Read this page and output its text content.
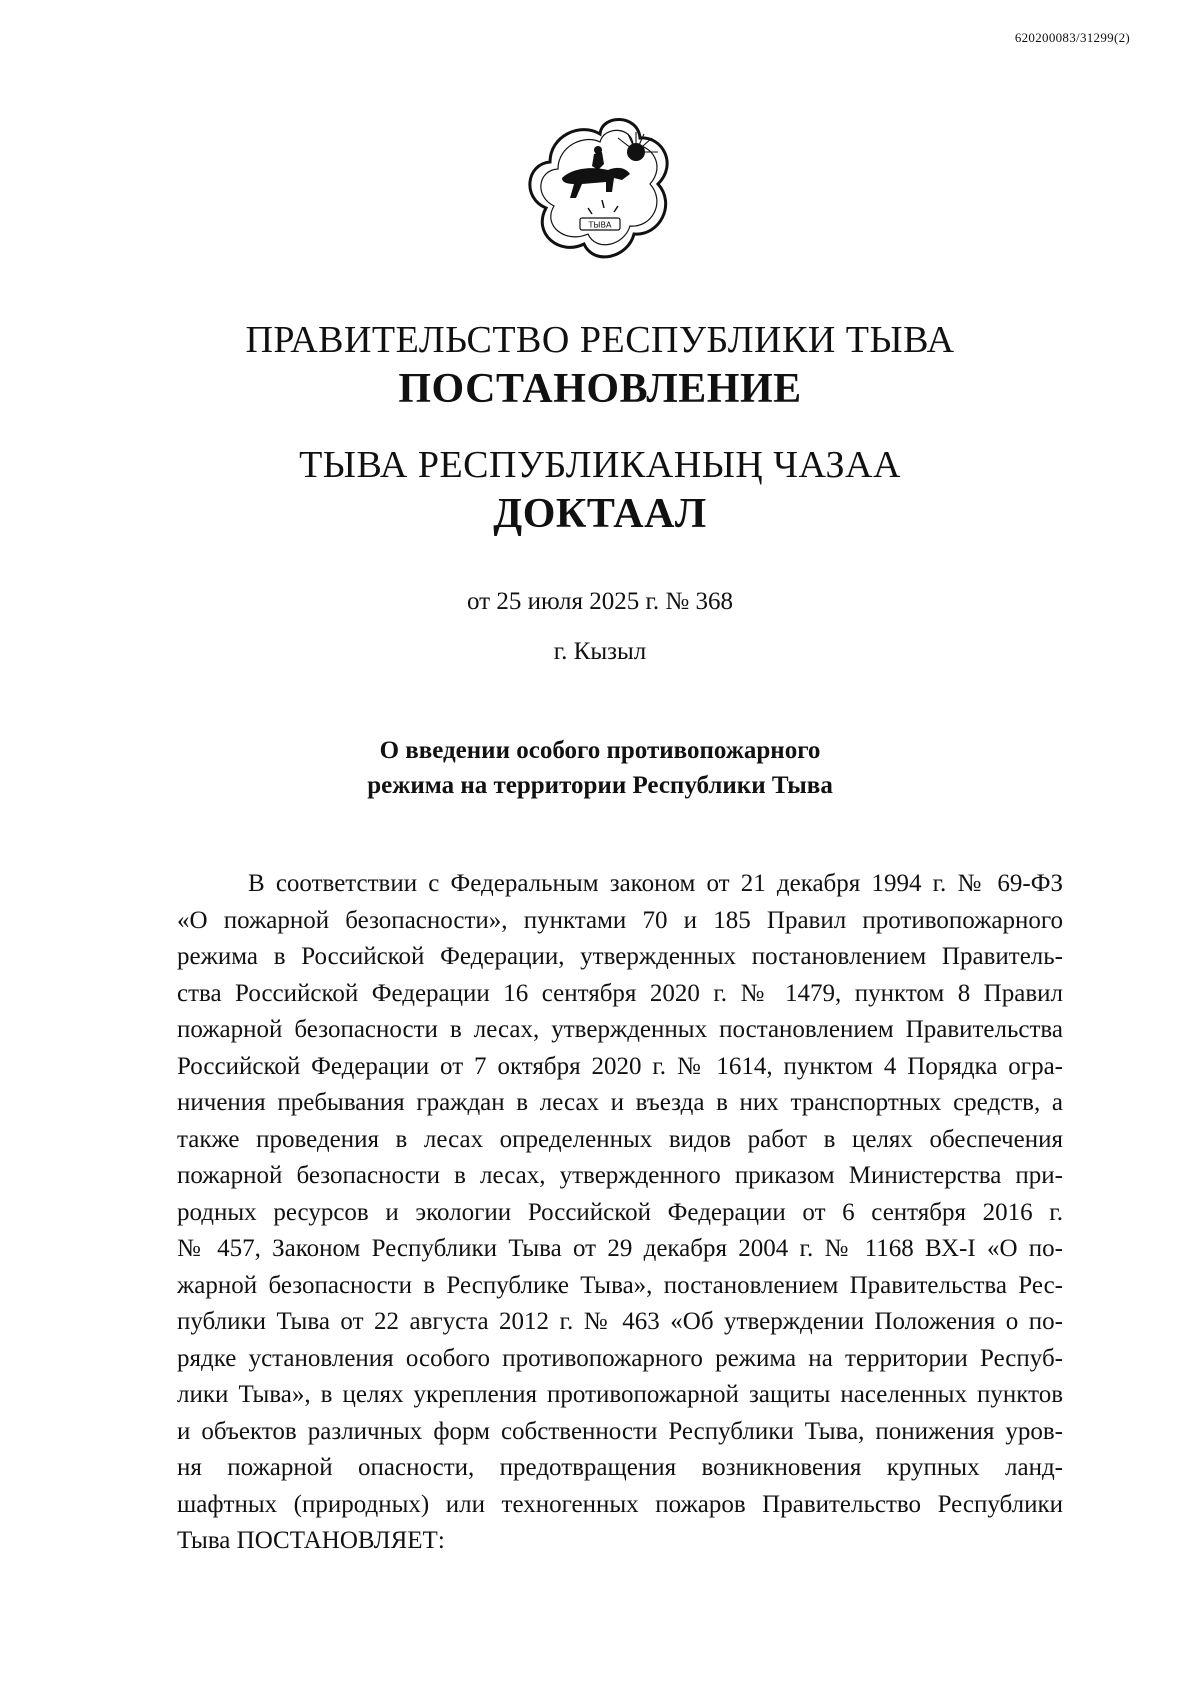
620200083/31299(2)
ТЫВА
ПРАВИТЕЛЬСТВО РЕСПУБЛИКИ ТЫВА
ПОСТАНОВЛЕНИЕ
ТЫВА РЕСПУБЛИКАНЫҢ ЧАЗАА
ДОКТААЛ
от 25 июля 2025 г. № 368
г. Кызыл
О введении особого противопожарного
режима на территории Республики Тыва
В соответствии с Федеральным законом от 21 декабря 1994 г. № 69-ФЗ
«О пожарной безопасности», пунктами 70 и 185 Правил противопожарного
режима в Российской Федерации, утвержденных постановлением Правитель-
ства Российской Федерации 16 сентября 2020 г. № 1479, пунктом 8 Правил
пожарной безопасности в лесах, утвержденных постановлением Правительства
Российской Федерации от 7 октября 2020 г. № 1614, пунктом 4 Порядка огра-
ничения пребывания граждан в лесах и въезда в них транспортных средств, а
также проведения в лесах определенных видов работ в целях обеспечения
пожарной безопасности в лесах, утвержденного приказом Министерства при-
родных ресурсов и экологии Российской Федерации от 6 сентября 2016 г.
№ 457, Законом Республики Тыва от 29 декабря 2004 г. № 1168 ВХ-I «О по-
жарной безопасности в Республике Тыва», постановлением Правительства Рес-
публики Тыва от 22 августа 2012 г. № 463 «Об утверждении Положения о по-
рядке установления особого противопожарного режима на территории Респуб-
лики Тыва», в целях укрепления противопожарной защиты населенных пунктов
и объектов различных форм собственности Республики Тыва, понижения уров-
ня пожарной опасности, предотвращения возникновения крупных ланд-
шафтных (природных) или техногенных пожаров Правительство Республики
Тыва ПОСТАНОВЛЯЕТ:
